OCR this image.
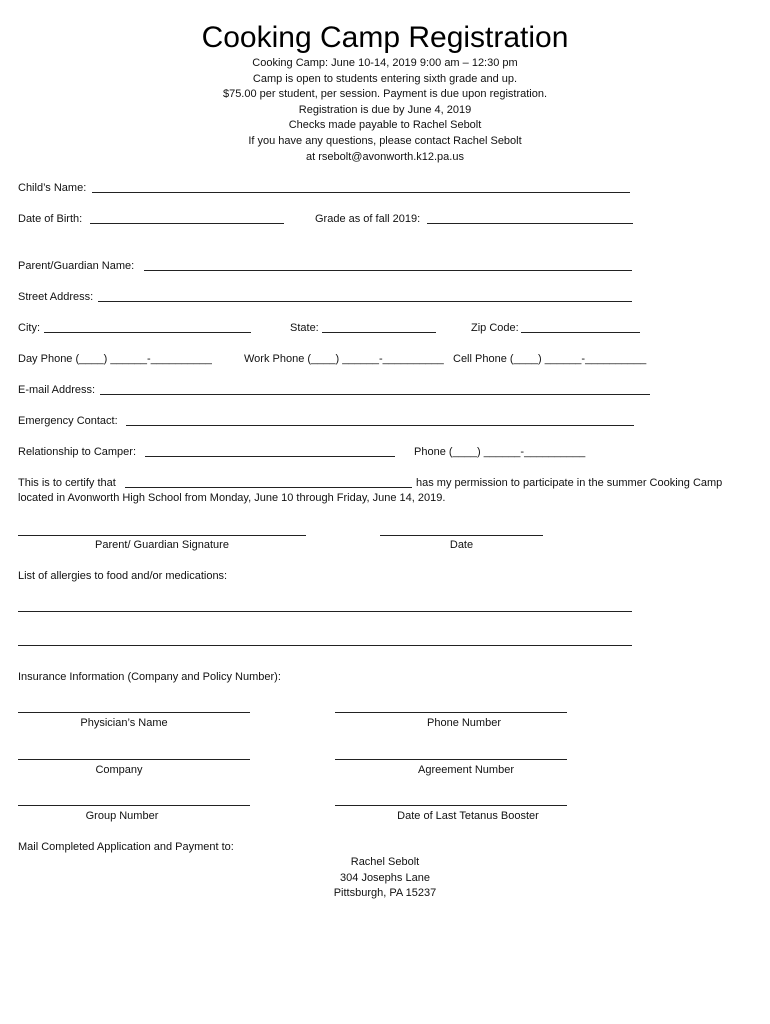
Cooking Camp Registration
Cooking Camp: June 10-14, 2019 9:00 am – 12:30 pm
Camp is open to students entering sixth grade and up.
$75.00 per student, per session. Payment is due upon registration.
Registration is due by June 4, 2019
Checks made payable to Rachel Sebolt
If you have any questions, please contact Rachel Sebolt
at rsebolt@avonworth.k12.pa.us
Child’s Name:
Date of Birth:	Grade as of fall 2019:
Parent/Guardian Name:
Street Address:
City:	State:	Zip Code:
Day Phone (____) ______-__________	Work Phone (____) ______-__________ Cell Phone (____) ______-__________
E-mail Address:
Emergency Contact:
Relationship to Camper:	Phone (____) ______-__________
This is to certify that	has my permission to participate in the summer Cooking Camp
located in Avonworth High School from Monday, June 10 through Friday, June 14, 2019.
Parent/ Guardian Signature	Date
List of allergies to food and/or medications:
Insurance Information (Company and Policy Number):
Physician’s Name	Phone Number
Company	Agreement Number
Group Number	Date of Last Tetanus Booster
Mail Completed Application and Payment to:
Rachel Sebolt
304 Josephs Lane
Pittsburgh, PA 15237
